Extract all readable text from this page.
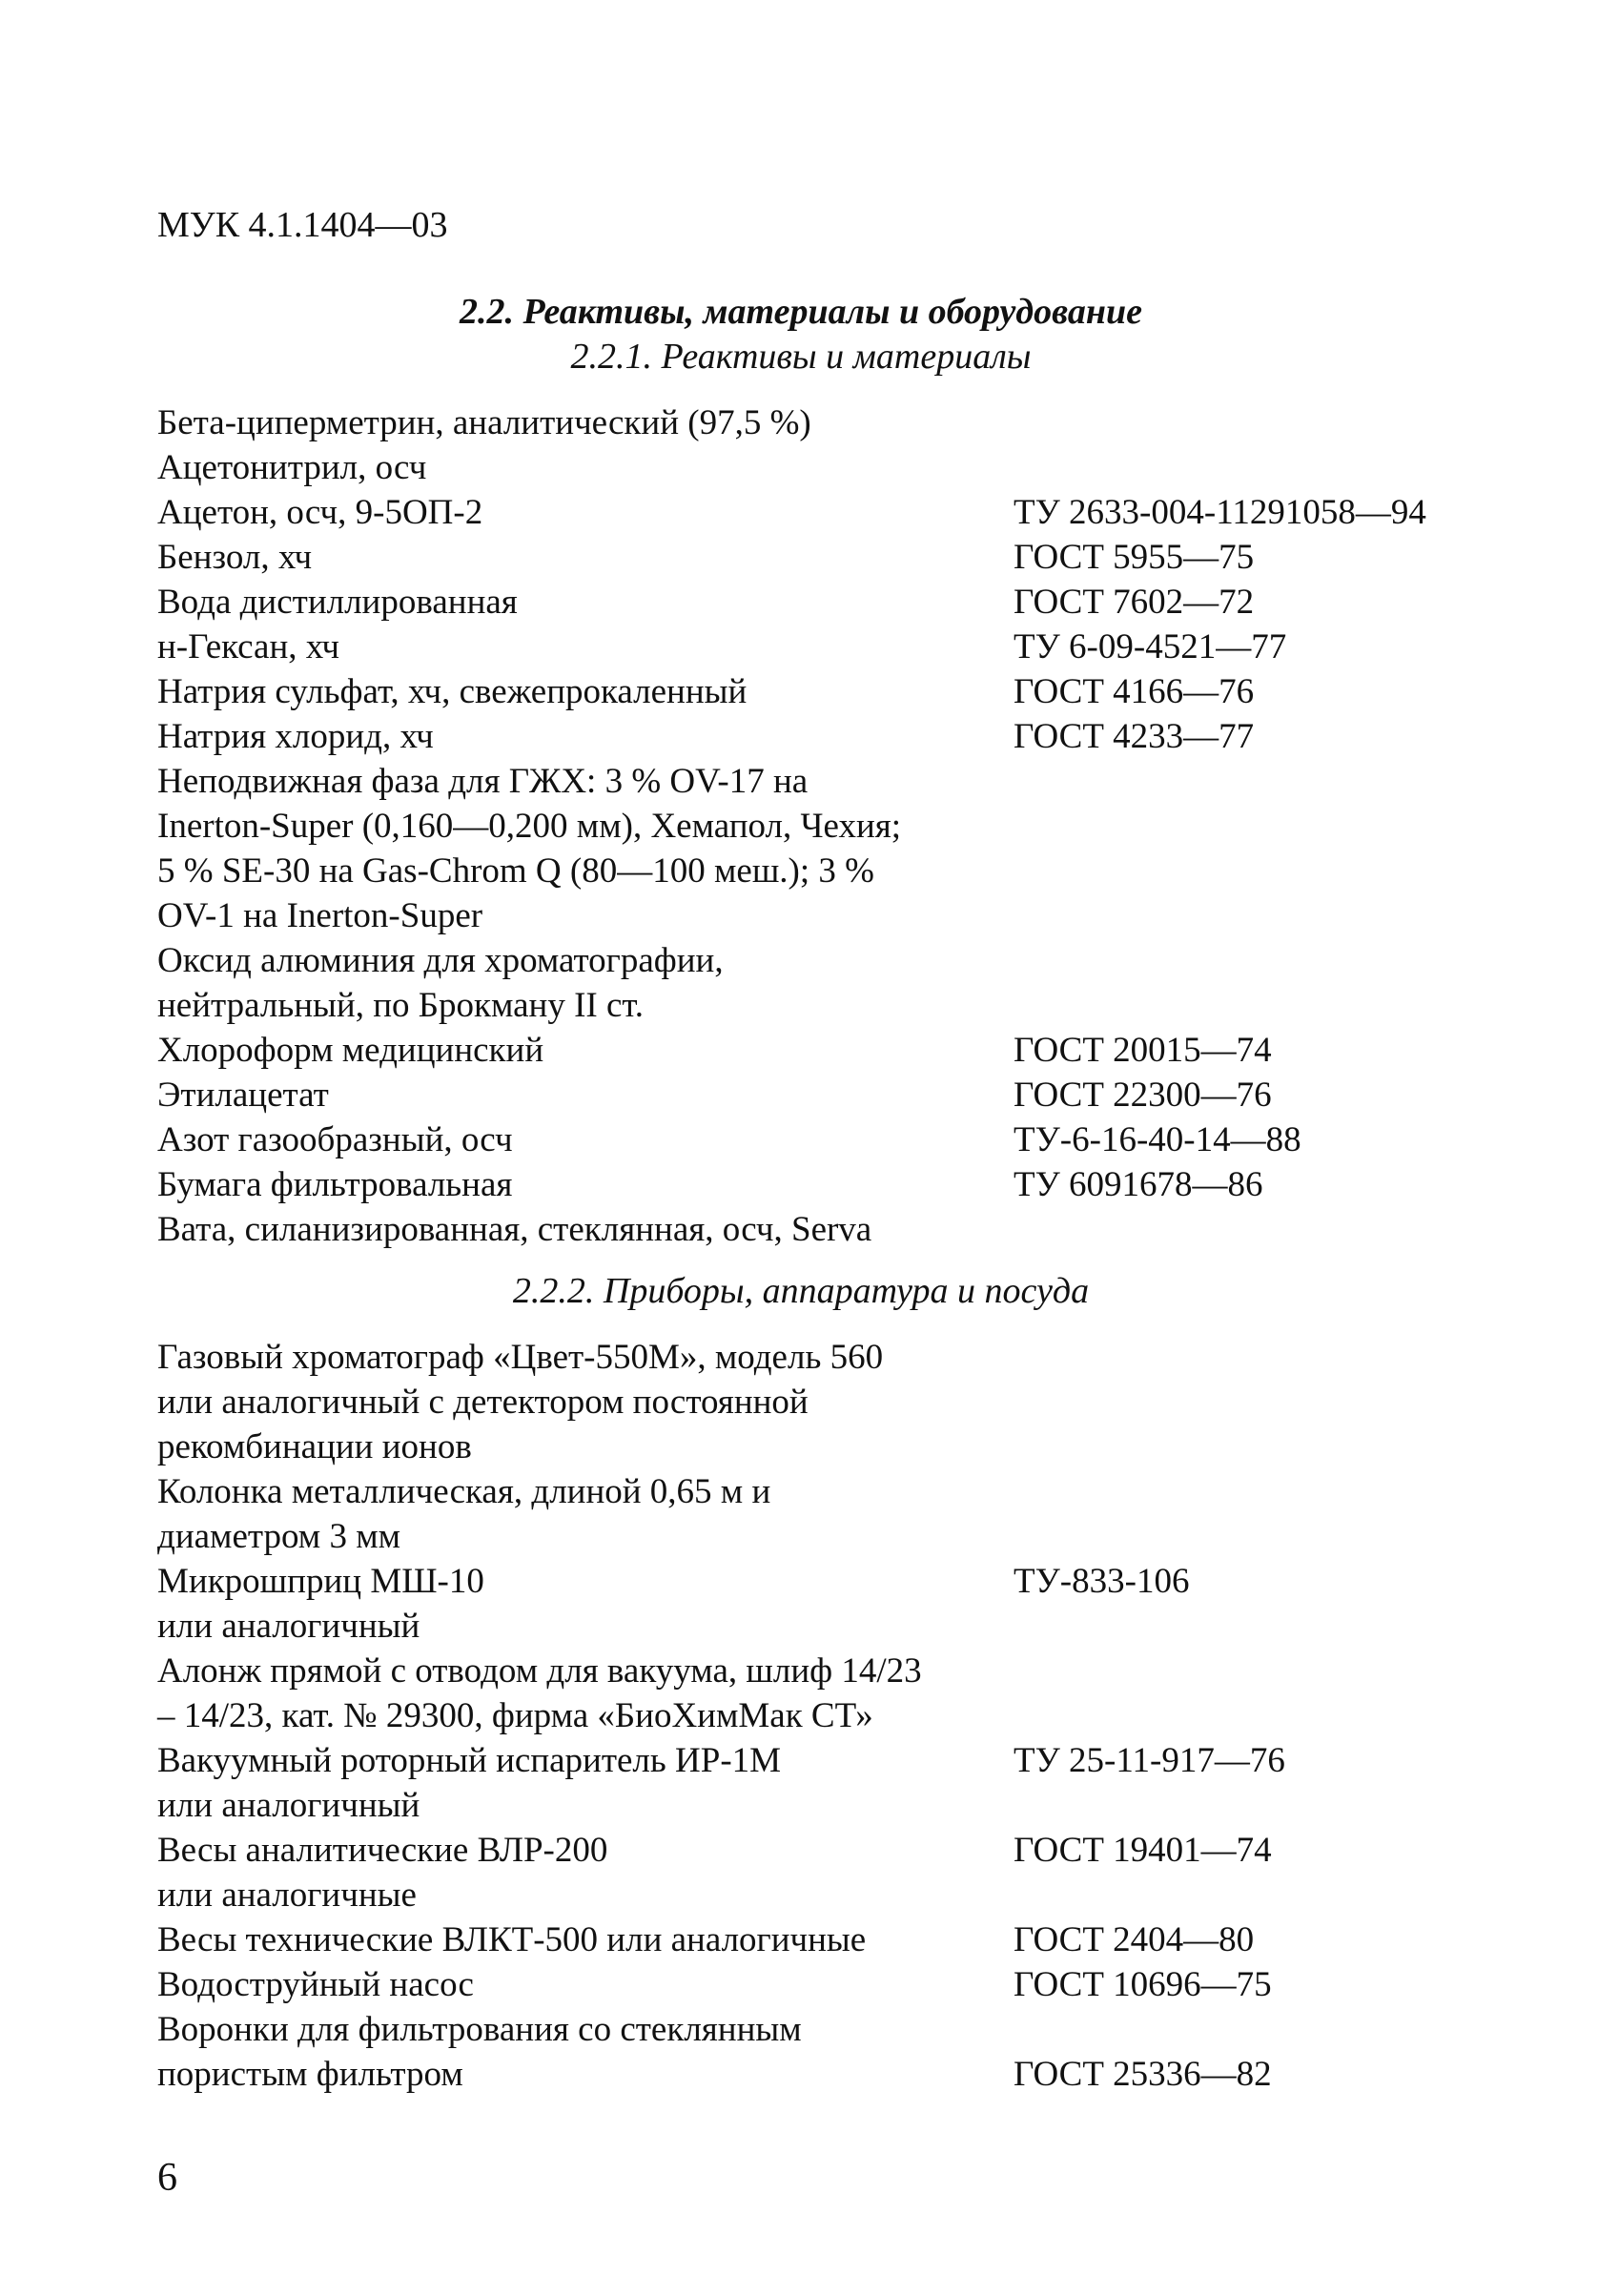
МУК 4.1.1404—03
2.2. Реактивы, материалы и оборудование
2.2.1. Реактивы и материалы
Бета-циперметрин, аналитический (97,5 %)
Ацетонитрил, осч
Ацетон, осч, 9-5ОП-2	ТУ 2633-004-11291058—94
Бензол, хч	ГОСТ 5955—75
Вода дистиллированная	ГОСТ 7602—72
н-Гексан, хч	ТУ 6-09-4521—77
Натрия сульфат, хч, свежепрокаленный	ГОСТ 4166—76
Натрия хлорид, хч	ГОСТ 4233—77
Неподвижная фаза для ГЖХ: 3 % OV-17 на
Inerton-Super (0,160—0,200 мм), Хемапол, Чехия;
5 % SE-30 на Gas-Chrom Q (80—100 меш.); 3 %
OV-1 на Inerton-Super
Оксид алюминия для хроматографии,
нейтральный, по Брокману II ст.
Хлороформ медицинский	ГОСТ 20015—74
Этилацетат	ГОСТ 22300—76
Азот газообразный, осч	ТУ-6-16-40-14—88
Бумага фильтровальная	ТУ 6091678—86
Вата, силанизированная, стеклянная, осч, Serva
2.2.2. Приборы, аппаратура и посуда
Газовый хроматограф «Цвет-550М», модель 560
или аналогичный с детектором постоянной
рекомбинации ионов
Колонка металлическая, длиной 0,65 м и
диаметром 3 мм
Микрошприц МШ-10	ТУ-833-106
или аналогичный
Алонж прямой с отводом для вакуума, шлиф 14/23
– 14/23, кат. № 29300, фирма «БиоХимМак СТ»
Вакуумный роторный испаритель ИР-1М	ТУ 25-11-917—76
или аналогичный
Весы аналитические ВЛР-200	ГОСТ 19401—74
или аналогичные
Весы технические ВЛКТ-500 или аналогичные	ГОСТ 2404—80
Водоструйный насос	ГОСТ 10696—75
Воронки для фильтрования со стеклянным
пористым фильтром	ГОСТ 25336—82
6
